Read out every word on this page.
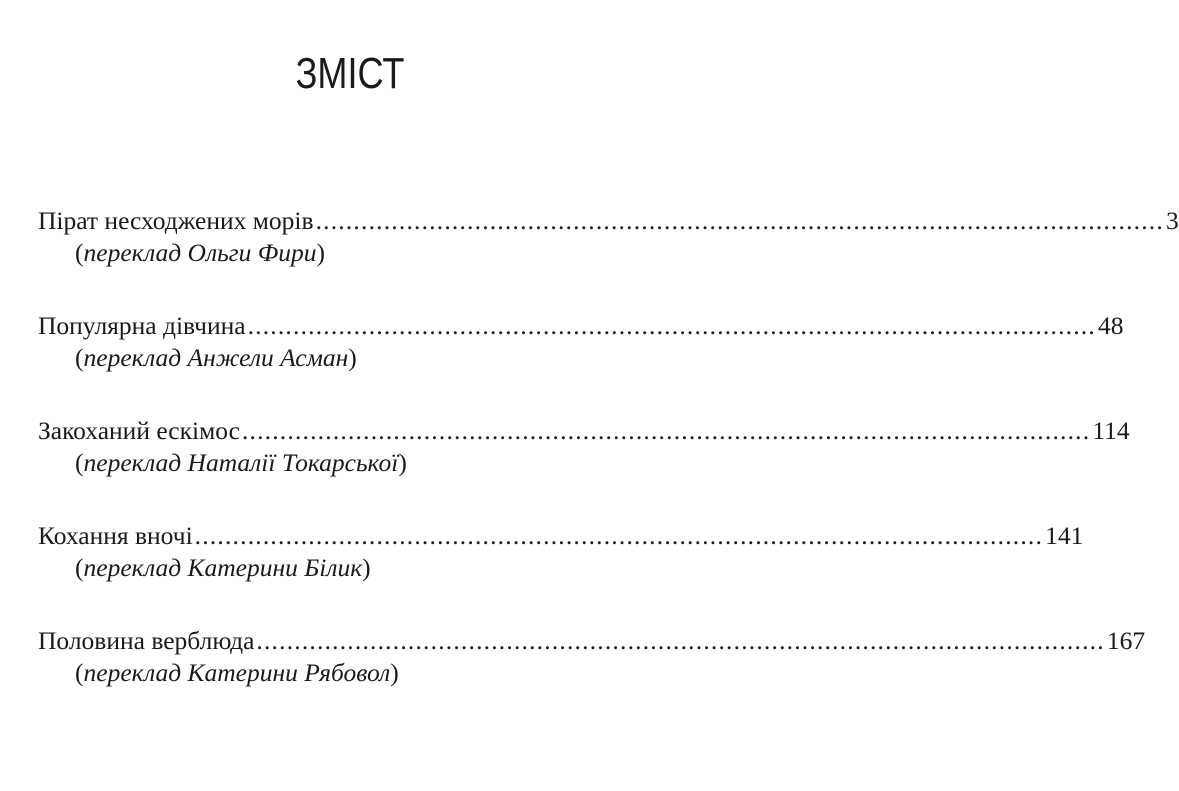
ЗМІСТ
Пірат несходжених морів ................................................................................................................ 3
(переклад Ольги Фири)
Популярна дівчина ................................................................................................................ 48
(переклад Анжели Асман)
Закоханий ескімос ................................................................................................................ 114
(переклад Наталії Токарської)
Кохання вночі ................................................................................................................ 141
(переклад Катерини Білик)
Половина верблюда ................................................................................................................ 167
(переклад Катерини Рябовол)
